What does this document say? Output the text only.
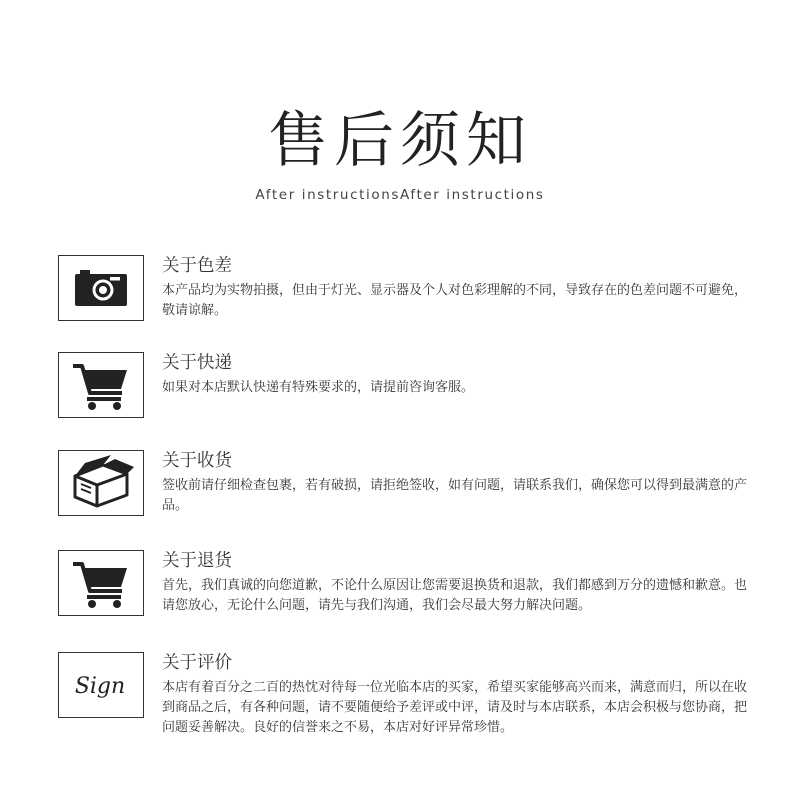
售后须知
After instructionsAfter instructions

关于色差

本产品均为实物拍摄，但由于灯光、显示器及个人对色彩理解的不同，导致存在的色差问题不可避免，敬请谅解。

关于快递

如果对本店默认快递有特殊要求的，请提前咨询客服。

关于收货

签收前请仔细检查包裹，若有破损，请拒绝签收，如有问题，请联系我们，确保您可以得到最满意的产品。

关于退货

首先，我们真诚的向您道歉，不论什么原因让您需要退换货和退款，我们都感到万分的遗憾和歉意。也请您放心，无论什么问题，请先与我们沟通，我们会尽最大努力解决问题。

Sign

关于评价

本店有着百分之二百的热忱对待每一位光临本店的买家，希望买家能够高兴而来，满意而归，所以在收到商品之后，有各种问题，请不要随便给予差评或中评，请及时与本店联系，本店会积极与您协商，把问题妥善解决。良好的信誉来之不易，本店对好评异常珍惜。
